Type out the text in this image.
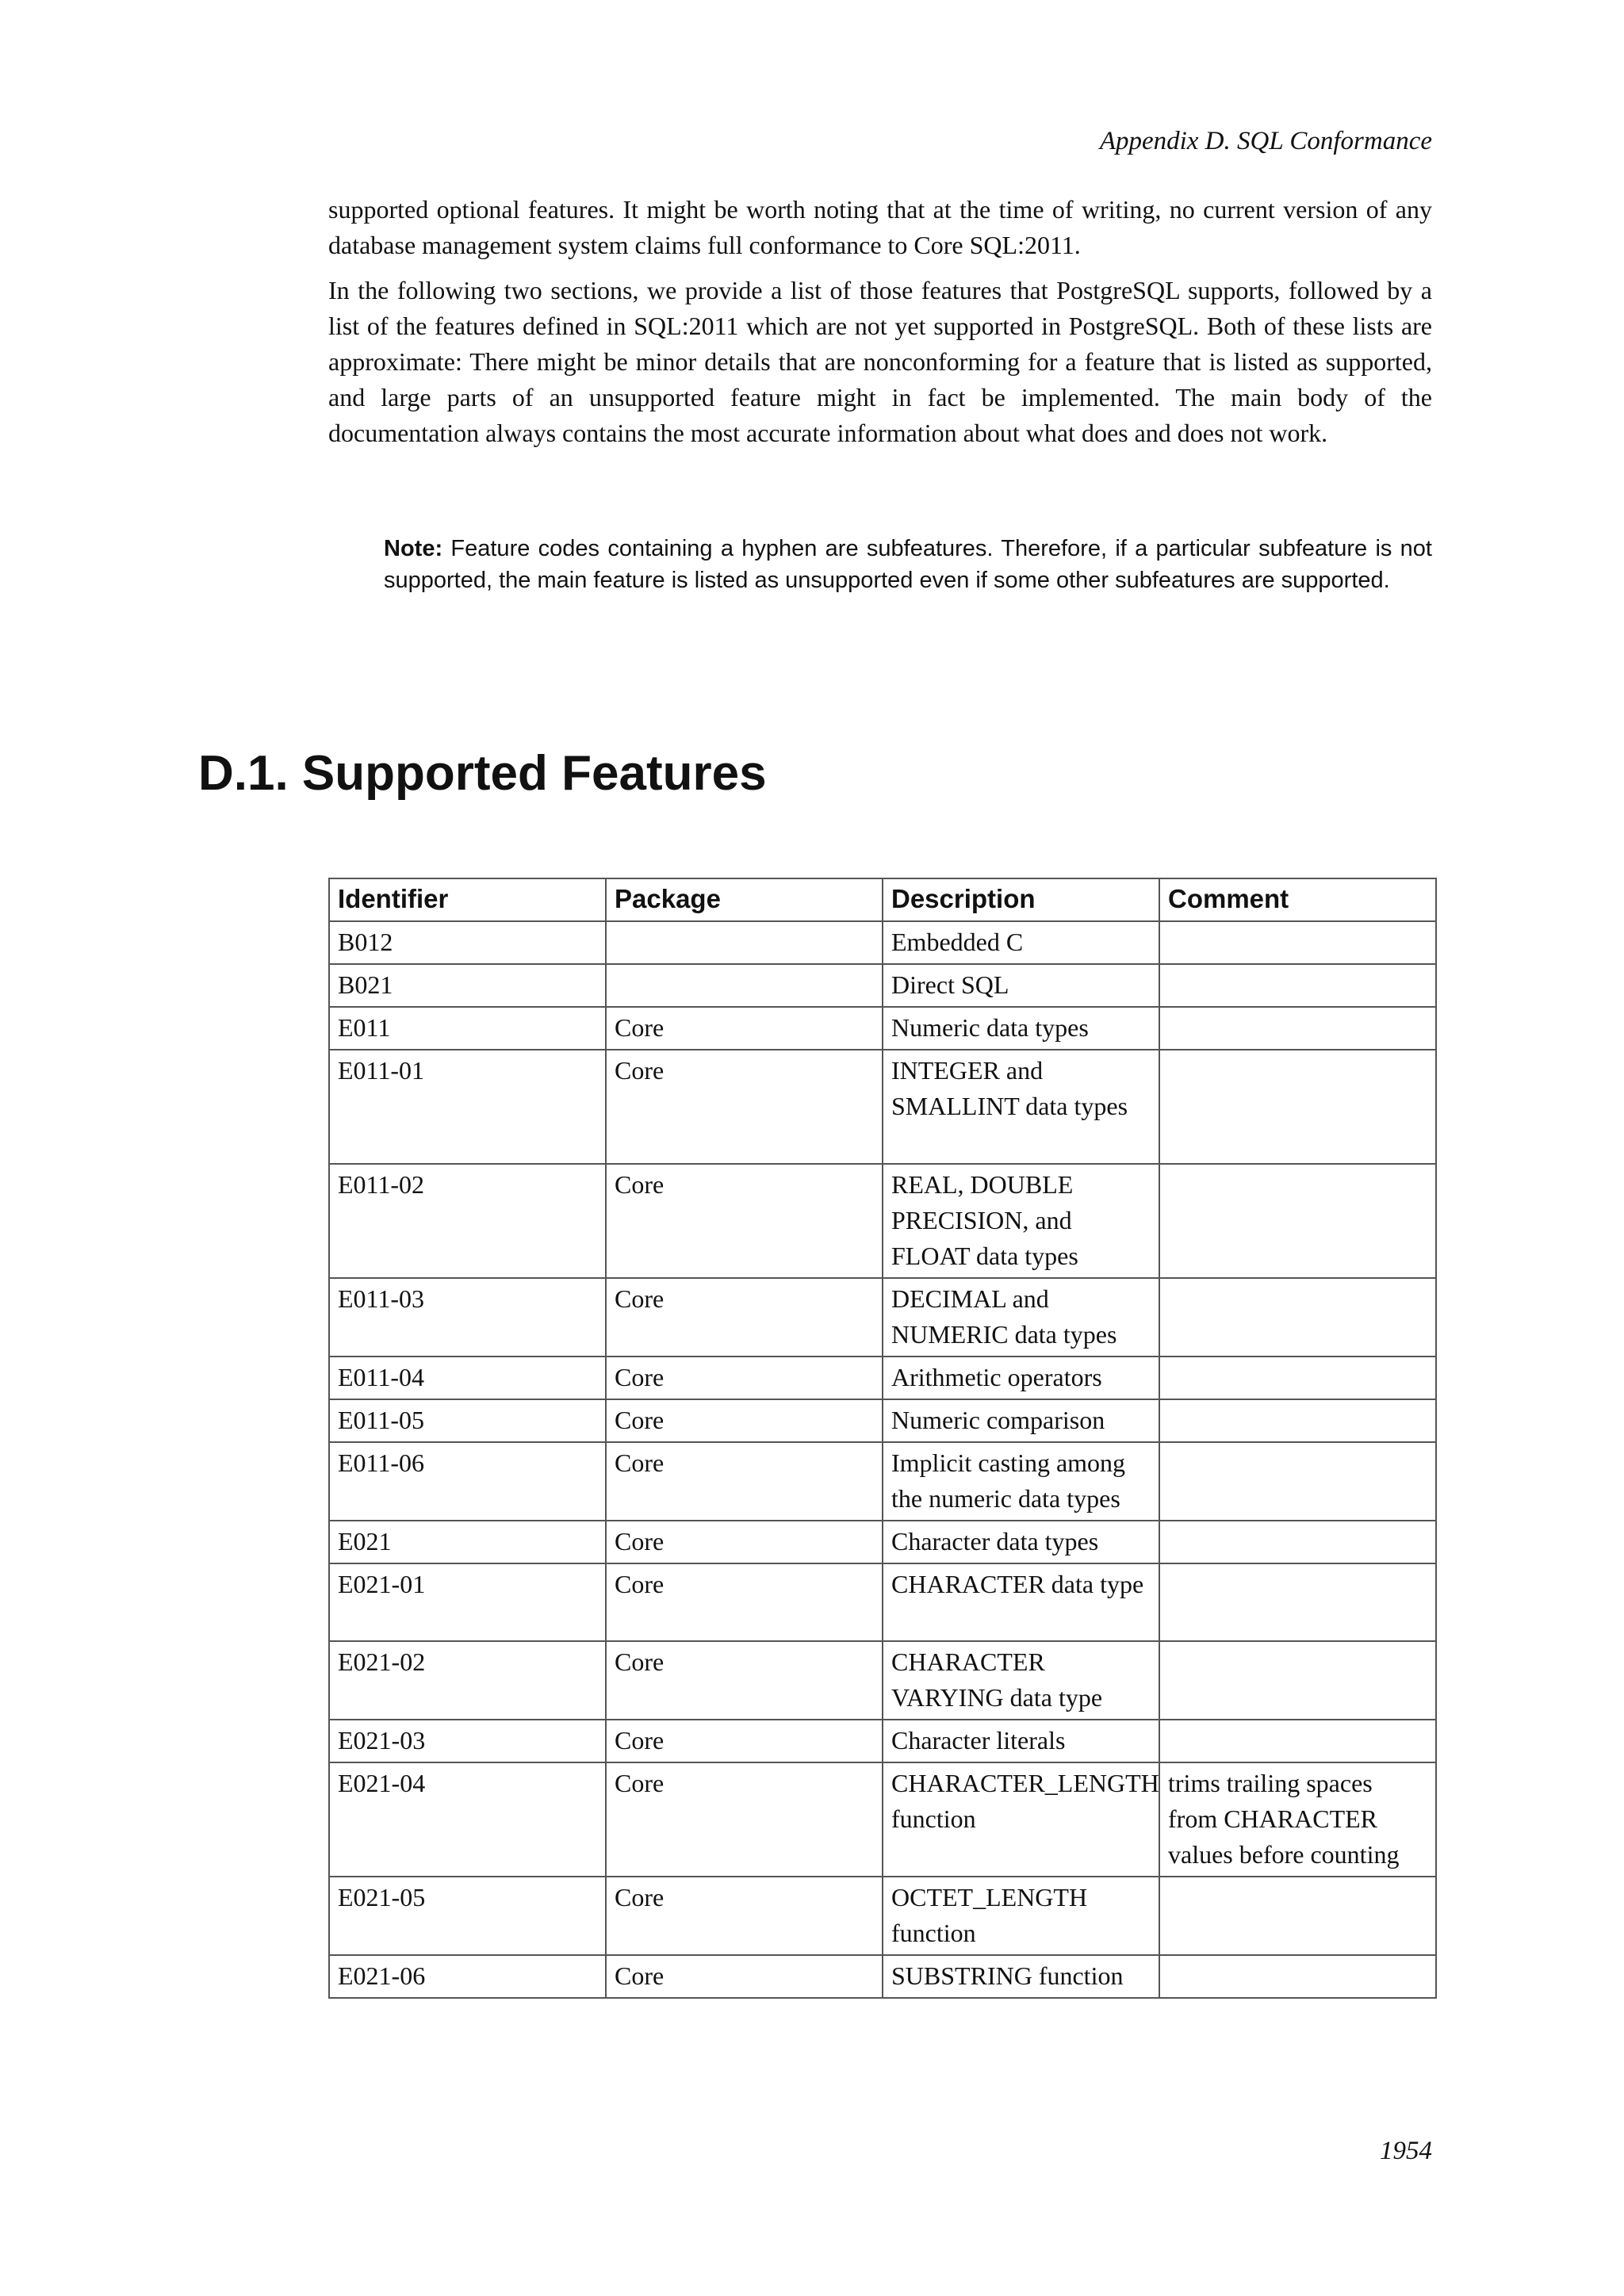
Appendix D. SQL Conformance

supported optional features. It might be worth noting that at the time of writing, no current version of any database management system claims full conformance to Core SQL:2011.

In the following two sections, we provide a list of those features that PostgreSQL supports, followed by a list of the features defined in SQL:2011 which are not yet supported in PostgreSQL. Both of these lists are approximate: There might be minor details that are nonconforming for a feature that is listed as supported, and large parts of an unsupported feature might in fact be implemented. The main body of the documentation always contains the most accurate information about what does and does not work.

Note: Feature codes containing a hyphen are subfeatures. Therefore, if a particular subfeature is not supported, the main feature is listed as unsupported even if some other subfeatures are supported.
D.1. Supported Features
Identifier	Package	Description	Comment
B012		Embedded C	
B021		Direct SQL	
E011	Core	Numeric data types	
E011-01	Core	INTEGER and SMALLINT data types	
E011-02	Core	REAL, DOUBLE PRECISION, and FLOAT data types	
E011-03	Core	DECIMAL and NUMERIC data types	
E011-04	Core	Arithmetic operators	
E011-05	Core	Numeric comparison	
E011-06	Core	Implicit casting among the numeric data types	
E021	Core	Character data types	
E021-01	Core	CHARACTER data type	
E021-02	Core	CHARACTER VARYING data type	
E021-03	Core	Character literals	
E021-04	Core	CHARACTER_LENGTH function	trims trailing spaces from CHARACTER values before counting
E021-05	Core	OCTET_LENGTH function	
E021-06	Core	SUBSTRING function	
1954
